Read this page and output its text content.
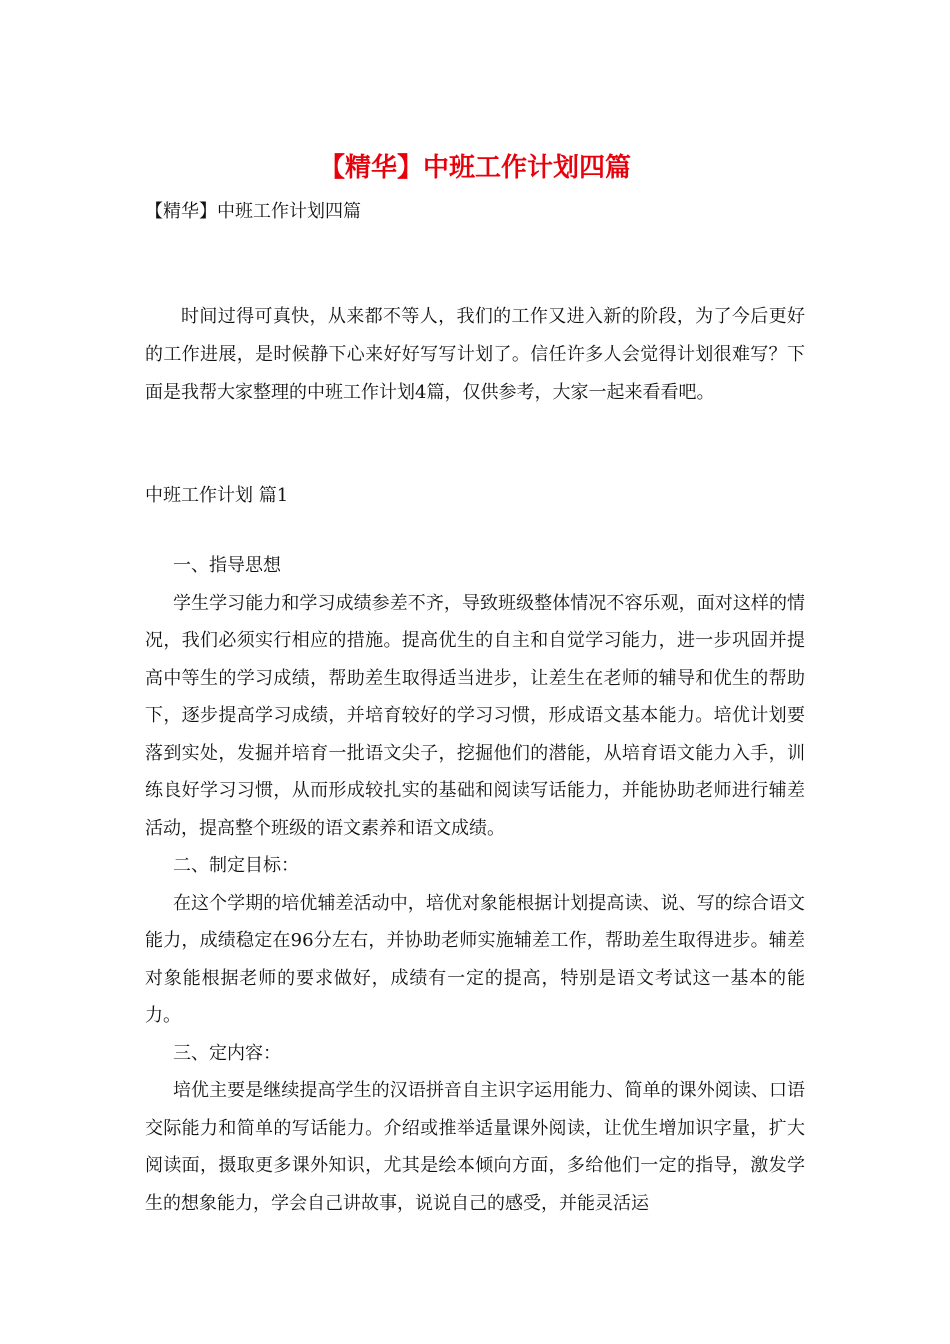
【精华】中班工作计划四篇

【精华】中班工作计划四篇

时间过得可真快，从来都不等人，我们的工作又进入新的阶段，为了今后更好的工作进展，是时候静下心来好好写写计划了。信任许多人会觉得计划很难写？下面是我帮大家整理的中班工作计划4篇，仅供参考，大家一起来看看吧。

中班工作计划 篇1

一、指导思想

学生学习能力和学习成绩参差不齐，导致班级整体情况不容乐观，面对这样的情况，我们必须实行相应的措施。提高优生的自主和自觉学习能力，进一步巩固并提高中等生的学习成绩，帮助差生取得适当进步，让差生在老师的辅导和优生的帮助下，逐步提高学习成绩，并培育较好的学习习惯，形成语文基本能力。培优计划要落到实处，发掘并培育一批语文尖子，挖掘他们的潜能，从培育语文能力入手，训练良好学习习惯，从而形成较扎实的基础和阅读写话能力，并能协助老师进行辅差活动，提高整个班级的语文素养和语文成绩。

二、制定目标：

在这个学期的培优辅差活动中，培优对象能根据计划提高读、说、写的综合语文能力，成绩稳定在96分左右，并协助老师实施辅差工作，帮助差生取得进步。辅差对象能根据老师的要求做好，成绩有一定的提高，特别是语文考试这一基本的能力。

三、定内容：

培优主要是继续提高学生的汉语拼音自主识字运用能力、简单的课外阅读、口语交际能力和简单的写话能力。介绍或推举适量课外阅读，让优生增加识字量，扩大阅读面，摄取更多课外知识，尤其是绘本倾向方面，多给他们一定的指导，激发学生的想象能力，学会自己讲故事，说说自己的感受，并能灵活运
